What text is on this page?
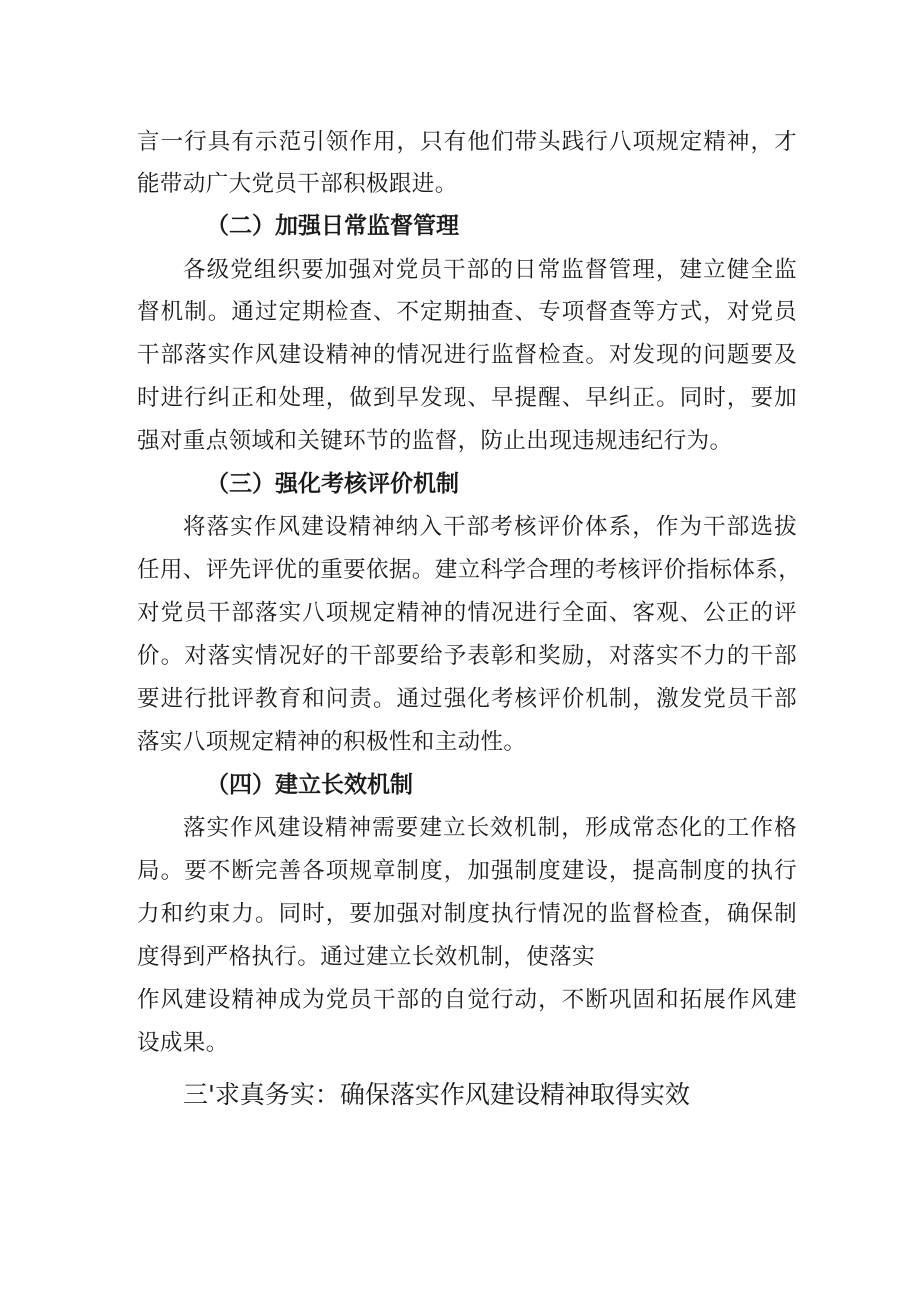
言一行具有示范引领作用，只有他们带头践行八项规定精神，才
能带动广大党员干部积极跟进。
（二）加强日常监督管理
各级党组织要加强对党员干部的日常监督管理，建立健全监
督机制。通过定期检查、不定期抽查、专项督查等方式，对党员
干部落实作风建设精神的情况进行监督检查。对发现的问题要及
时进行纠正和处理，做到早发现、早提醒、早纠正。同时，要加
强对重点领域和关键环节的监督，防止出现违规违纪行为。
（三）强化考核评价机制
将落实作风建设精神纳入干部考核评价体系，作为干部选拔
任用、评先评优的重要依据。建立科学合理的考核评价指标体系，
对党员干部落实八项规定精神的情况进行全面、客观、公正的评
价。对落实情况好的干部要给予表彰和奖励，对落实不力的干部
要进行批评教育和问责。通过强化考核评价机制，激发党员干部
落实八项规定精神的积极性和主动性。
（四）建立长效机制
落实作风建设精神需要建立长效机制，形成常态化的工作格
局。要不断完善各项规章制度，加强制度建设，提高制度的执行
力和约束力。同时，要加强对制度执行情况的监督检查，确保制
度得到严格执行。通过建立长效机制，使落实
作风建设精神成为党员干部的自觉行动，不断巩固和拓展作风建
设成果。
三'求真务实：确保落实作风建设精神取得实效
